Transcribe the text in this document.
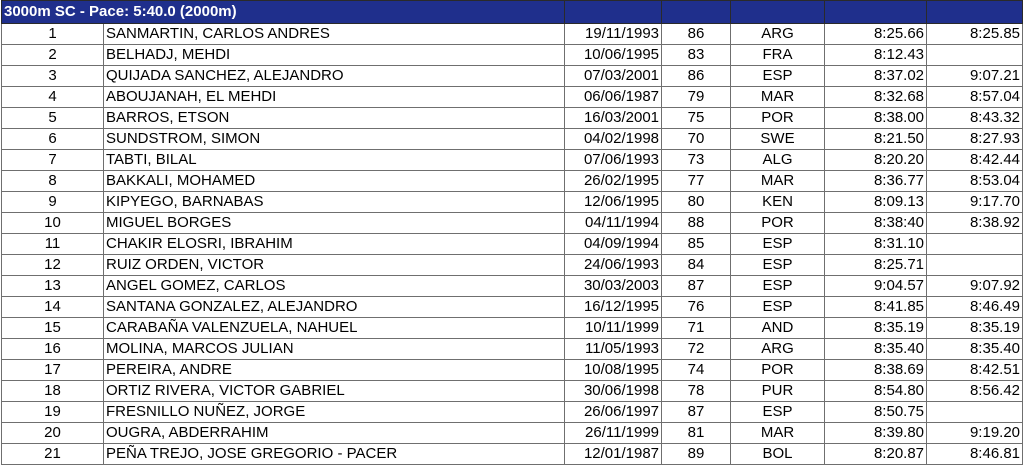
3000m SC - Pace: 5:40.0 (2000m)						
1	SANMARTIN, CARLOS ANDRES	19/11/1993	86	ARG	8:25.66	8:25.85
2	BELHADJ, MEHDI	10/06/1995	83	FRA	8:12.43	
3	QUIJADA SANCHEZ, ALEJANDRO	07/03/2001	86	ESP	8:37.02	9:07.21
4	ABOUJANAH, EL MEHDI	06/06/1987	79	MAR	8:32.68	8:57.04
5	BARROS, ETSON	16/03/2001	75	POR	8:38.00	8:43.32
6	SUNDSTROM, SIMON	04/02/1998	70	SWE	8:21.50	8:27.93
7	TABTI, BILAL	07/06/1993	73	ALG	8:20.20	8:42.44
8	BAKKALI, MOHAMED	26/02/1995	77	MAR	8:36.77	8:53.04
9	KIPYEGO, BARNABAS	12/06/1995	80	KEN	8:09.13	9:17.70
10	MIGUEL BORGES	04/11/1994	88	POR	8:38:40	8:38.92
11	CHAKIR ELOSRI, IBRAHIM	04/09/1994	85	ESP	8:31.10	
12	RUIZ ORDEN, VICTOR	24/06/1993	84	ESP	8:25.71	
13	ANGEL GOMEZ, CARLOS	30/03/2003	87	ESP	9:04.57	9:07.92
14	SANTANA GONZALEZ, ALEJANDRO	16/12/1995	76	ESP	8:41.85	8:46.49
15	CARABAÑA VALENZUELA, NAHUEL	10/11/1999	71	AND	8:35.19	8:35.19
16	MOLINA, MARCOS JULIAN	11/05/1993	72	ARG	8:35.40	8:35.40
17	PEREIRA, ANDRE	10/08/1995	74	POR	8:38.69	8:42.51
18	ORTIZ RIVERA, VICTOR GABRIEL	30/06/1998	78	PUR	8:54.80	8:56.42
19	FRESNILLO NUÑEZ, JORGE	26/06/1997	87	ESP	8:50.75	
20	OUGRA, ABDERRAHIM	26/11/1999	81	MAR	8:39.80	9:19.20
21	PEÑA TREJO, JOSE GREGORIO - PACER	12/01/1987	89	BOL	8:20.87	8:46.81
